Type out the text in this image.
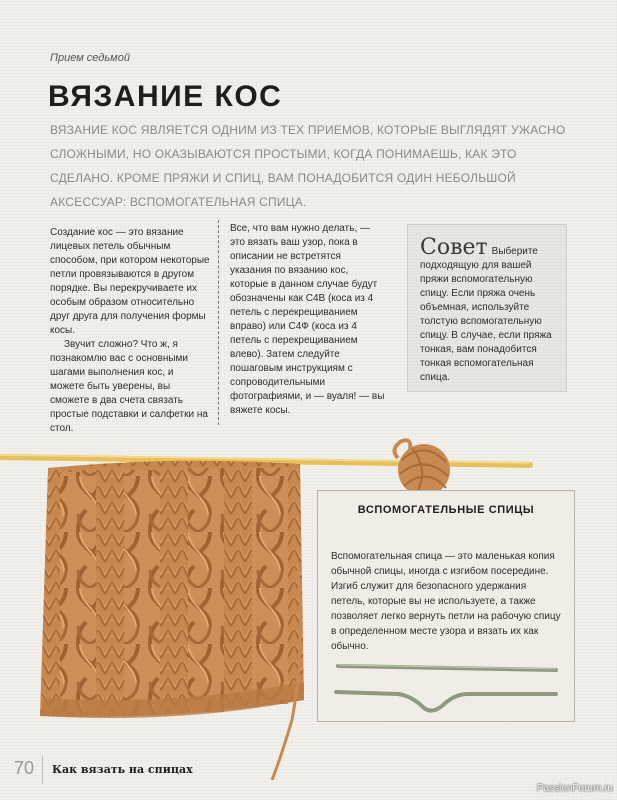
Прием седьмой
ВЯЗАНИЕ КОС
ВЯЗАНИЕ КОС ЯВЛЯЕТСЯ ОДНИМ ИЗ ТЕХ ПРИЕМОВ, КОТОРЫЕ ВЫГЛЯДЯТ УЖАСНО СЛОЖНЫМИ, НО ОКАЗЫВАЮТСЯ ПРОСТЫМИ, КОГДА ПОНИМАЕШЬ, КАК ЭТО СДЕЛАНО. КРОМЕ ПРЯЖИ И СПИЦ, ВАМ ПОНАДОБИТСЯ ОДИН НЕБОЛЬШОЙ АКСЕССУАР: ВСПОМОГАТЕЛЬНАЯ СПИЦА.

Создание кос — это вязание лицевых петель обычным способом, при котором некоторые петли провязываются в другом порядке. Вы перекручиваете их особым образом относительно друг друга для получения формы косы.

Звучит сложно? Что ж, я познакомлю вас с основными шагами выполнения кос, и можете быть уверены, вы сможете в два счета связать простые подставки и салфетки на стол.

Все, что вам нужно делать, — это вязать ваш узор, пока в описании не встретятся указания по вязанию кос, которые в данном случае будут обозначены как С4В (коса из 4 петель с перекрещиванием вправо) или С4Ф (коса из 4 петель с перекрещиванием влево). Затем следуйте пошаговым инструкциям с сопроводительными фотографиями, и — вуаля! — вы вяжете косы.

Совет Выберите подходящую для вашей пряжи вспомогательную спицу. Если пряжа очень объемная, используйте толстую вспомогательную спицу. В случае, если пряжа тонкая, вам понадобится тонкая вспомогательная спица.
ВСПОМОГАТЕЛЬНЫЕ СПИЦЫ
Вспомогательная спица — это маленькая копия обычной спицы, иногда с изгибом посередине. Изгиб служит для безопасного удержания петель, которые вы не используете, а также позволяет легко вернуть петли на рабочую спицу в определенном месте узора и вязать их как обычно.
70 Как вязать на спицах
PassionForum.ru
